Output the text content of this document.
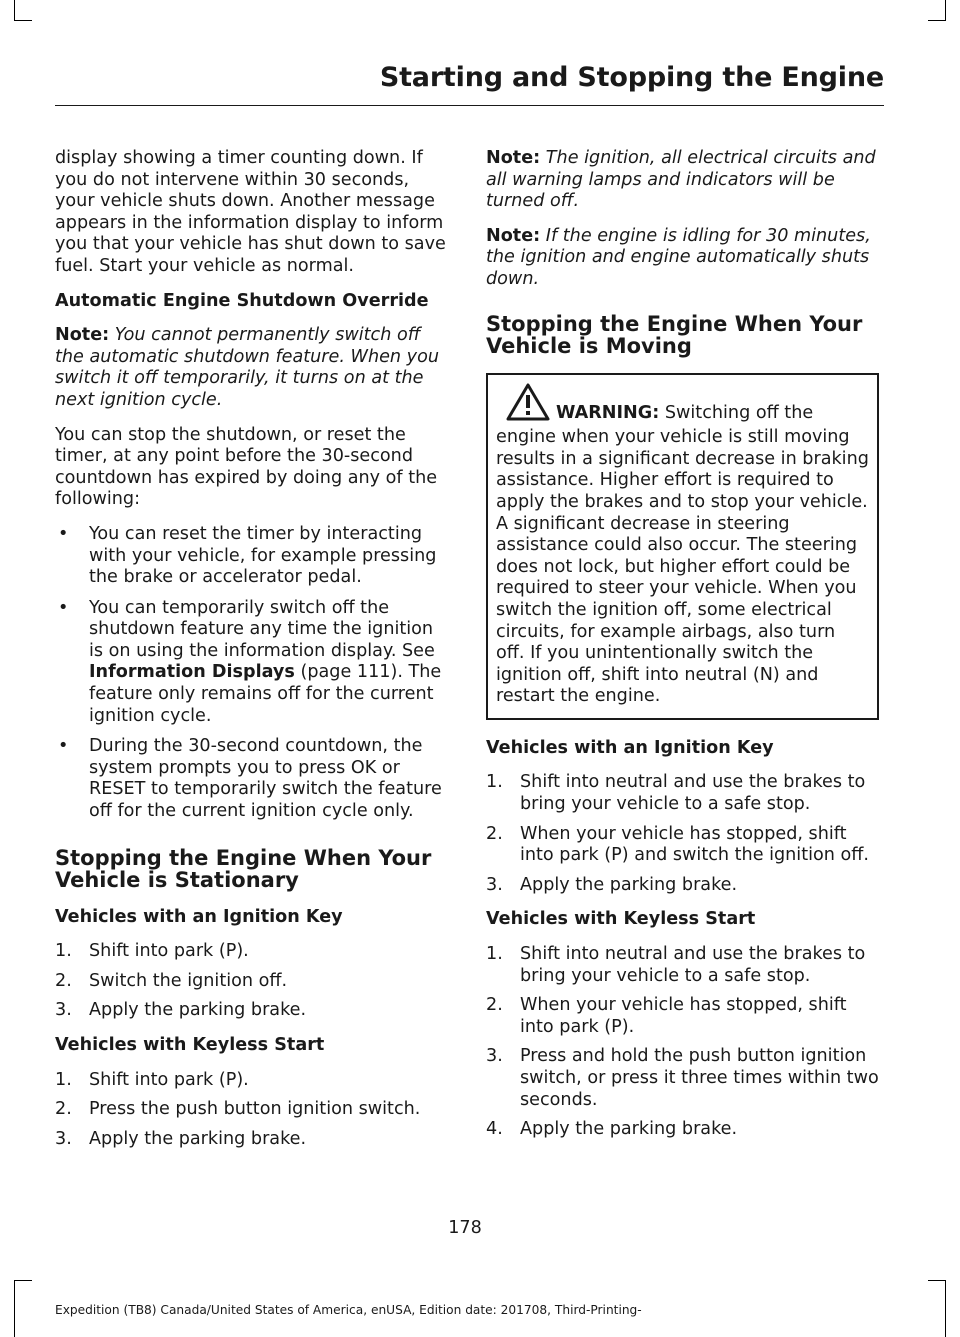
Starting and Stopping the Engine

display showing a timer counting down. If you do not intervene within 30 seconds, your vehicle shuts down. Another message appears in the information display to inform you that your vehicle has shut down to save fuel. Start your vehicle as normal.

Automatic Engine Shutdown Override

Note: You cannot permanently switch off the automatic shutdown feature. When you switch it off temporarily, it turns on at the next ignition cycle.

You can stop the shutdown, or reset the timer, at any point before the 30-second countdown has expired by doing any of the following:

• You can reset the timer by interacting with your vehicle, for example pressing the brake or accelerator pedal.
• You can temporarily switch off the shutdown feature any time the ignition is on using the information display. See Information Displays (page 111). The feature only remains off for the current ignition cycle.
• During the 30-second countdown, the system prompts you to press OK or RESET to temporarily switch the feature off for the current ignition cycle only.
Stopping the Engine When Your Vehicle is Stationary

Vehicles with an Ignition Key

1. Shift into park (P).
2. Switch the ignition off.
3. Apply the parking brake.

Vehicles with Keyless Start

1. Shift into park (P).
2. Press the push button ignition switch.
3. Apply the parking brake.

Note: The ignition, all electrical circuits and all warning lamps and indicators will be turned off.

Note: If the engine is idling for 30 minutes, the ignition and engine automatically shuts down.

Stopping the Engine When Your Vehicle is Moving
WARNING: Switching off the engine when your vehicle is still moving results in a significant decrease in braking assistance. Higher effort is required to apply the brakes and to stop your vehicle. A significant decrease in steering assistance could also occur. The steering does not lock, but higher effort could be required to steer your vehicle. When you switch the ignition off, some electrical circuits, for example airbags, also turn off. If you unintentionally switch the ignition off, shift into neutral (N) and restart the engine.

Vehicles with an Ignition Key

1. Shift into neutral and use the brakes to bring your vehicle to a safe stop.
2. When your vehicle has stopped, shift into park (P) and switch the ignition off.
3. Apply the parking brake.

Vehicles with Keyless Start

1. Shift into neutral and use the brakes to bring your vehicle to a safe stop.
2. When your vehicle has stopped, shift into park (P).
3. Press and hold the push button ignition switch, or press it three times within two seconds.
4. Apply the parking brake.
178
Expedition (TB8) Canada/United States of America, enUSA, Edition date: 201708, Third-Printing-
